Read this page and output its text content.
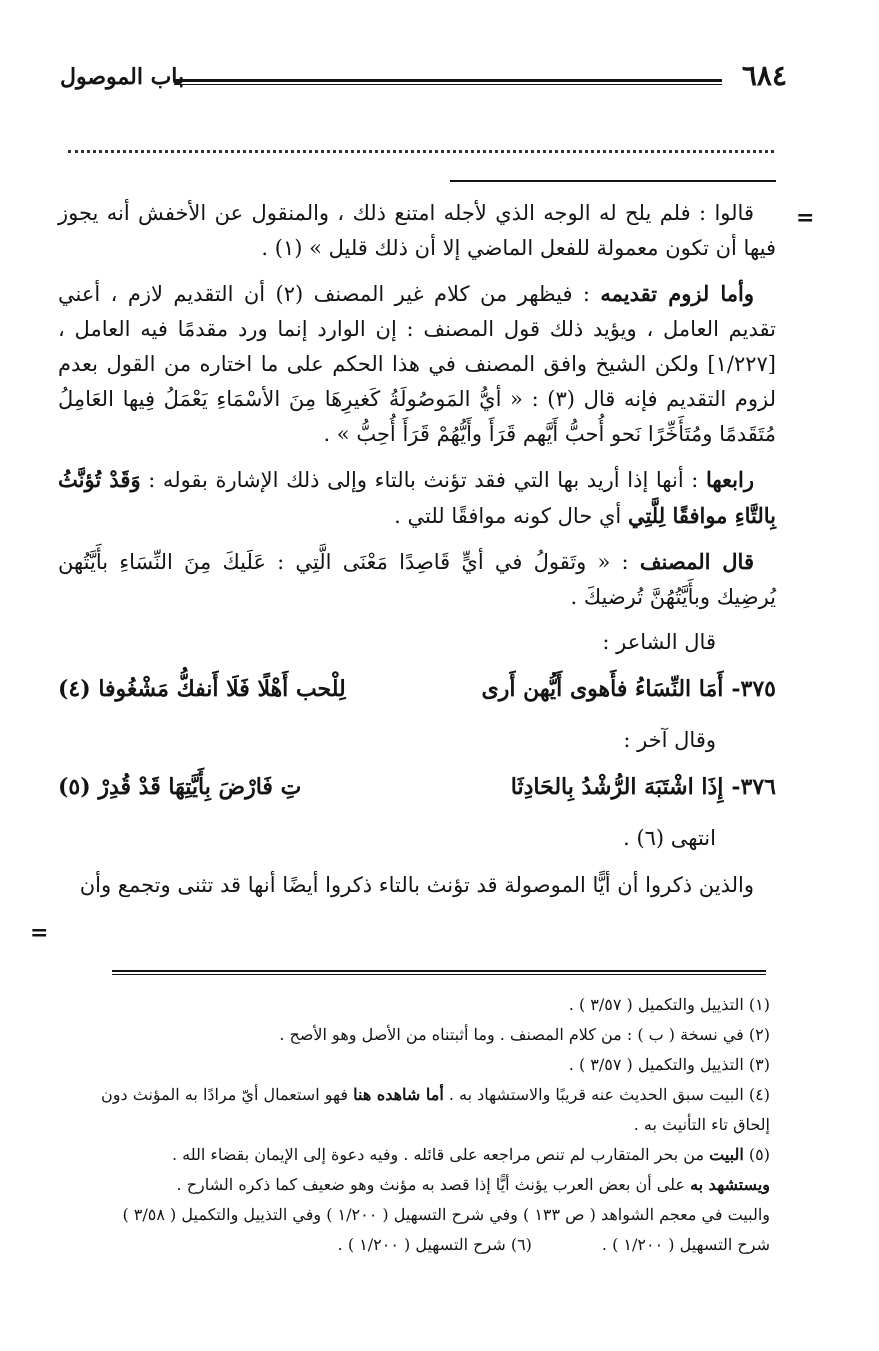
٦٨٤
باب الموصول
=
=

قالوا : فلم يلح له الوجه الذي لأجله امتنع ذلك ، والمنقول عن الأخفش أنه يجوز فيها أن تكون معمولة للفعل الماضي إلا أن ذلك قليل » (١) .

وأما لزوم تقديمه : فيظهر من كلام غير المصنف (٢) أن التقديم لازم ، أعني تقديم العامل ، ويؤيد ذلك قول المصنف : إن الوارد إنما ورد مقدمًا فيه العامل ، [١/٢٢٧] ولكن الشيخ وافق المصنف في هذا الحكم على ما اختاره من القول بعدم لزوم التقديم فإنه قال (٣) : « أيُّ المَوصُولَةُ كَغيرِهَا مِنَ الأسْمَاءِ يَعْمَلُ فِيها العَامِلُ مُتَقَدمًا ومُتَأَخِّرًا نَحو أُحبُّ أَيَّهم قَرَأَ وأَيُّهُمْ قَرَأَ أُحِبُّ » .

رابعها : أنها إذا أريد بها التي فقد تؤنث بالتاء وإلى ذلك الإشارة بقوله : وَقَدْ تُؤنَّثُ بِالتَّاءِ موافقًا لِلَّتِي أي حال كونه موافقًا للتي .

قال المصنف : « وتَقولُ في أيٍّ قَاصِدًا مَعْنَى الَّتِي : عَلَيكَ مِنَ النِّسَاءِ بأَيَّتُهن يُرضِيك وبأَيَّتُهُنَّ تُرضيكَ .

قال الشاعر :

٣٧٥-أَمَا النِّسَاءُ فأَهوى أَيُّهن أَرى
لِلْحب أَهْلًا فَلَا أَنفكُّ مَشْغُوفا (٤)

وقال آخر :

٣٧٦-إِذَا اشْتَبَهَ الرُّشْدُ بِالحَادِثَا
تِ فَارْضَ بِأَيَّتِهَا قَدْ قُدِرْ (٥)

انتهى (٦) .

والذين ذكروا أن أيًّا الموصولة قد تؤنث بالتاء ذكروا أيضًا أنها قد تثنى وتجمع وأن

(١) التذييل والتكميل ( ٣/٥٧ ) .

(٢) في نسخة ( ب ) : من كلام المصنف . وما أثبتناه من الأصل وهو الأصح .

(٣) التذييل والتكميل ( ٣/٥٧ ) .

(٤) البيت سبق الحديث عنه قريبًا والاستشهاد به . أما شاهده هنا فهو استعمال أيّ مرادًا به المؤنث دون إلحاق تاء التأنيث به .

(٥) البيت من بحر المتقارب لم تنص مراجعه على قائله . وفيه دعوة إلى الإيمان بقضاء الله .

ويستشهد به على أن بعض العرب يؤنث أيًّا إذا قصد به مؤنث وهو ضعيف كما ذكره الشارح .

والبيت في معجم الشواهد ( ص ١٣٣ ) وفي شرح التسهيل ( ١/٢٠٠ ) وفي التذييل والتكميل ( ٣/٥٨ )

شرح التسهيل ( ١/٢٠٠ ) .
(٦) شرح التسهيل ( ١/٢٠٠ ) .
